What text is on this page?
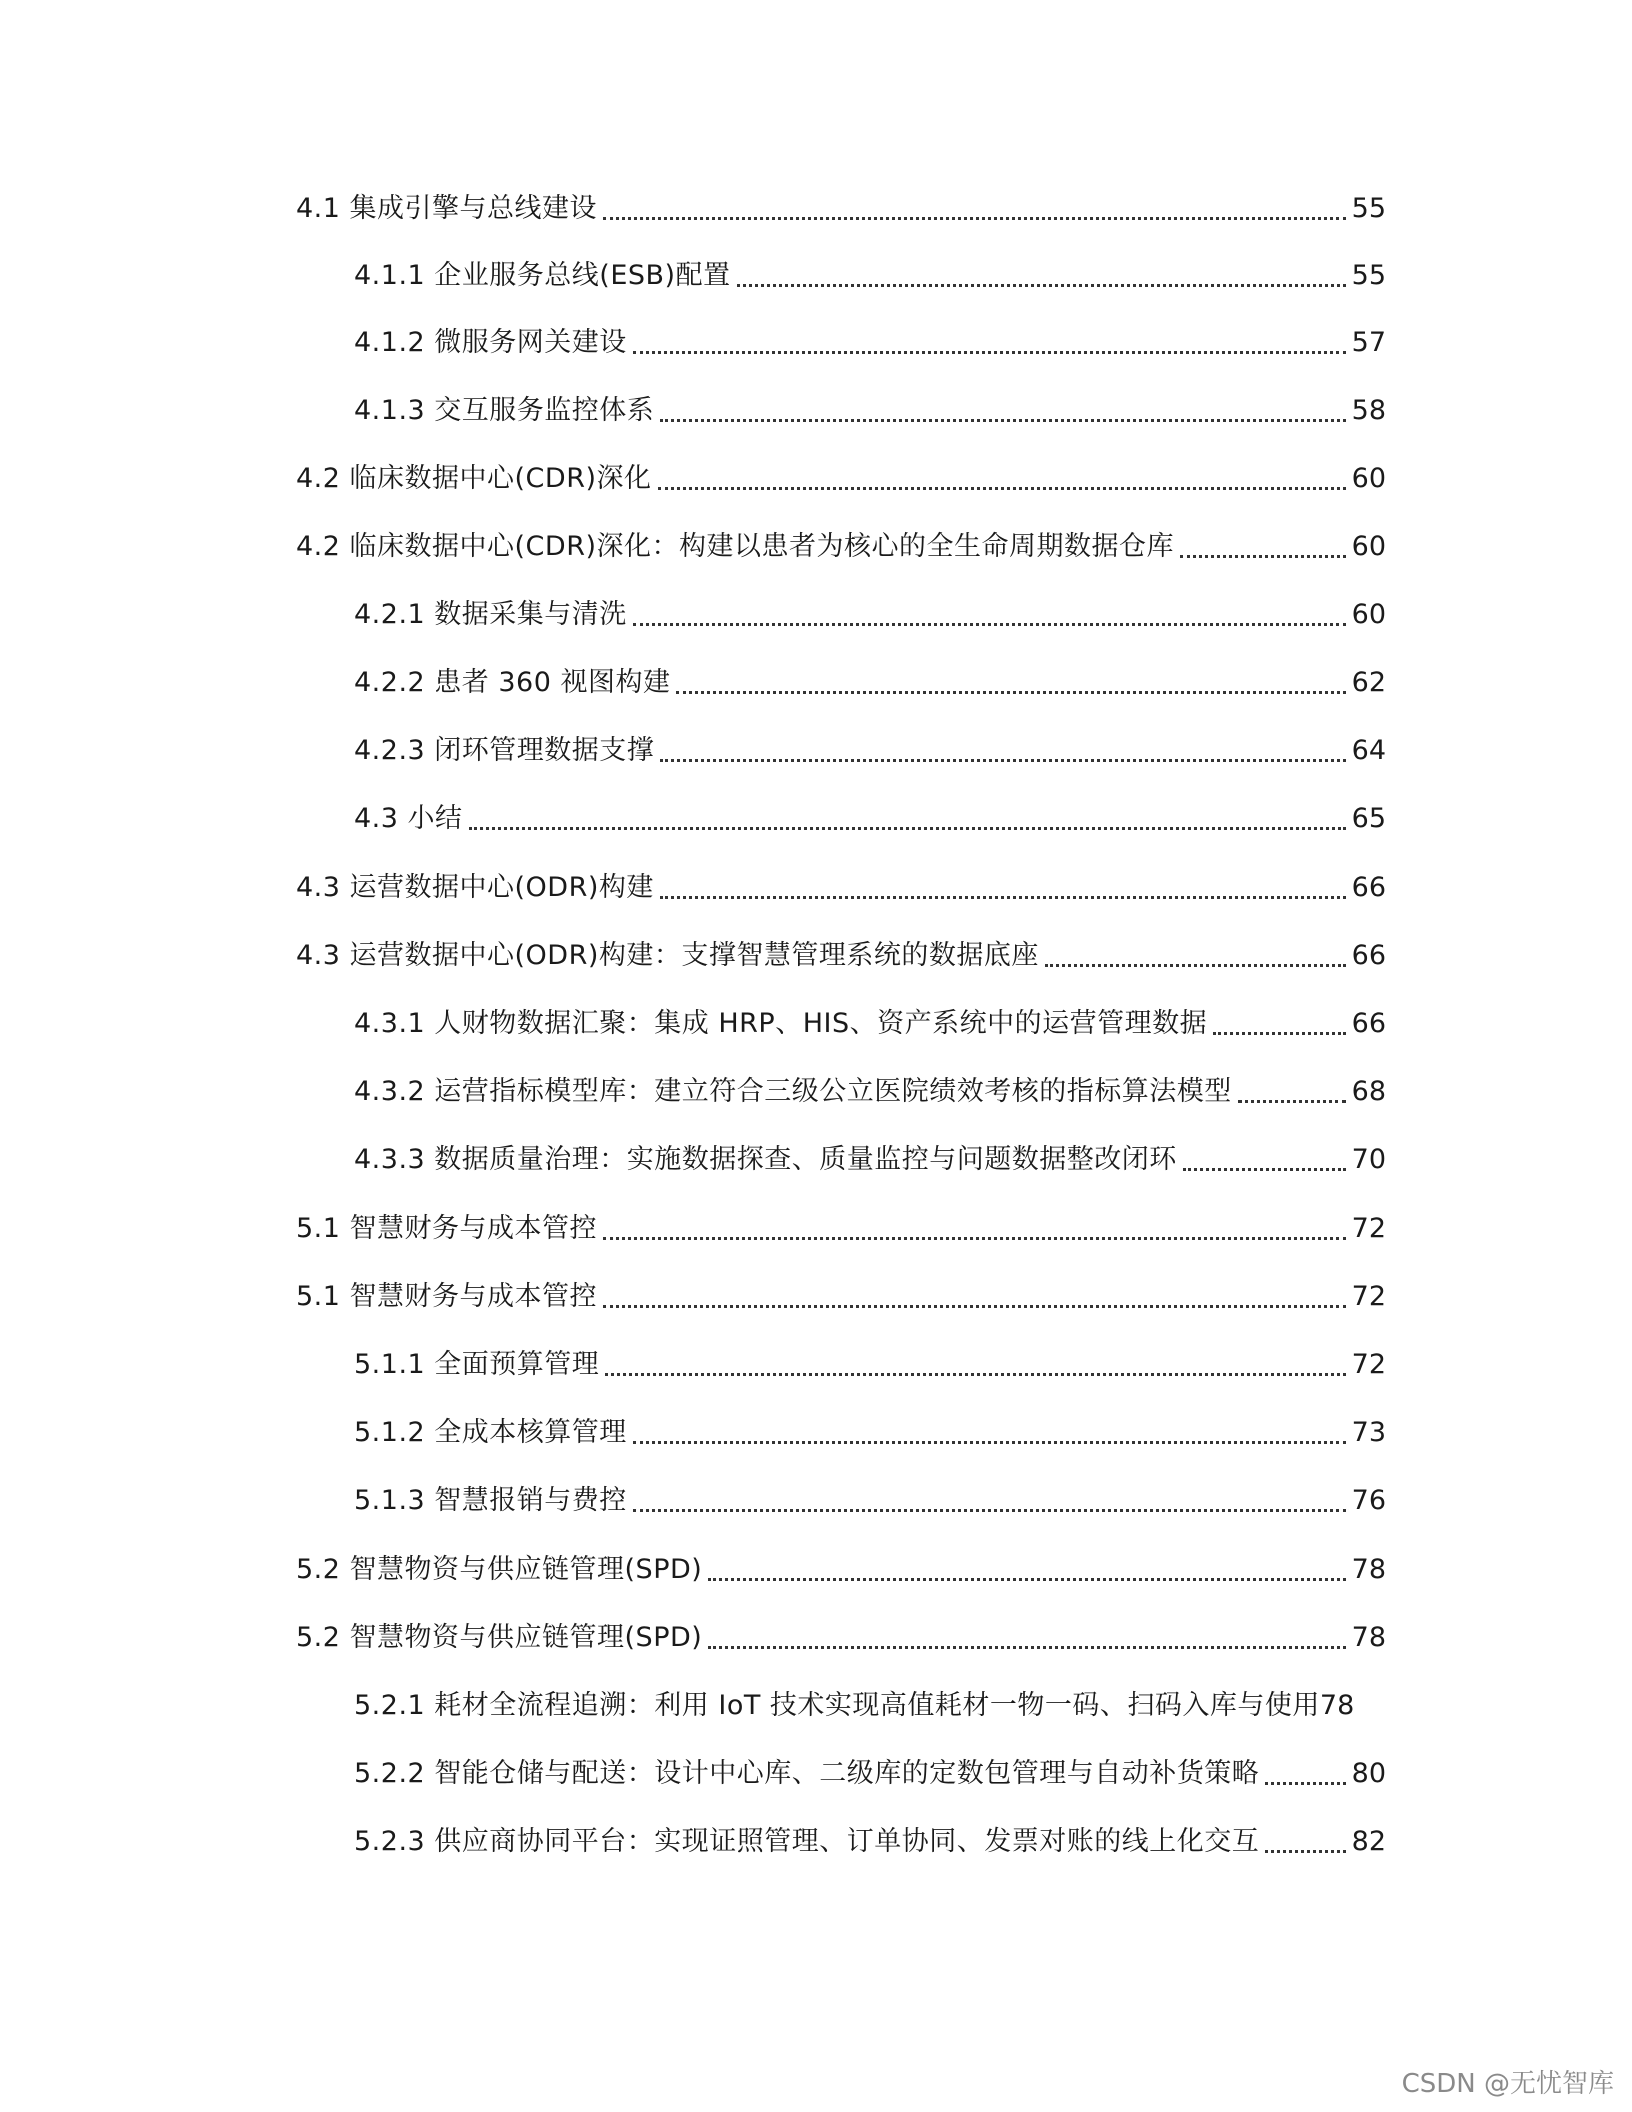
4.1 集成引擎与总线建设	55
4.1.1 企业服务总线(ESB)配置	55
4.1.2 微服务网关建设	57
4.1.3 交互服务监控体系	58
4.2 临床数据中心(CDR)深化	60
4.2 临床数据中心(CDR)深化：构建以患者为核心的全生命周期数据仓库	60
4.2.1 数据采集与清洗	60
4.2.2 患者 360 视图构建	62
4.2.3 闭环管理数据支撑	64
4.3 小结	65
4.3 运营数据中心(ODR)构建	66
4.3 运营数据中心(ODR)构建：支撑智慧管理系统的数据底座	66
4.3.1 人财物数据汇聚：集成 HRP、HIS、资产系统中的运营管理数据	66
4.3.2 运营指标模型库：建立符合三级公立医院绩效考核的指标算法模型	68
4.3.3 数据质量治理：实施数据探查、质量监控与问题数据整改闭环	70
5.1 智慧财务与成本管控	72
5.1 智慧财务与成本管控	72
5.1.1 全面预算管理	72
5.1.2 全成本核算管理	73
5.1.3 智慧报销与费控	76
5.2 智慧物资与供应链管理(SPD)	78
5.2 智慧物资与供应链管理(SPD)	78
5.2.1 耗材全流程追溯：利用 IoT 技术实现高值耗材一物一码、扫码入库与使用 78
5.2.2 智能仓储与配送：设计中心库、二级库的定数包管理与自动补货策略	80
5.2.3 供应商协同平台：实现证照管理、订单协同、发票对账的线上化交互	82
CSDN @无忧智库
